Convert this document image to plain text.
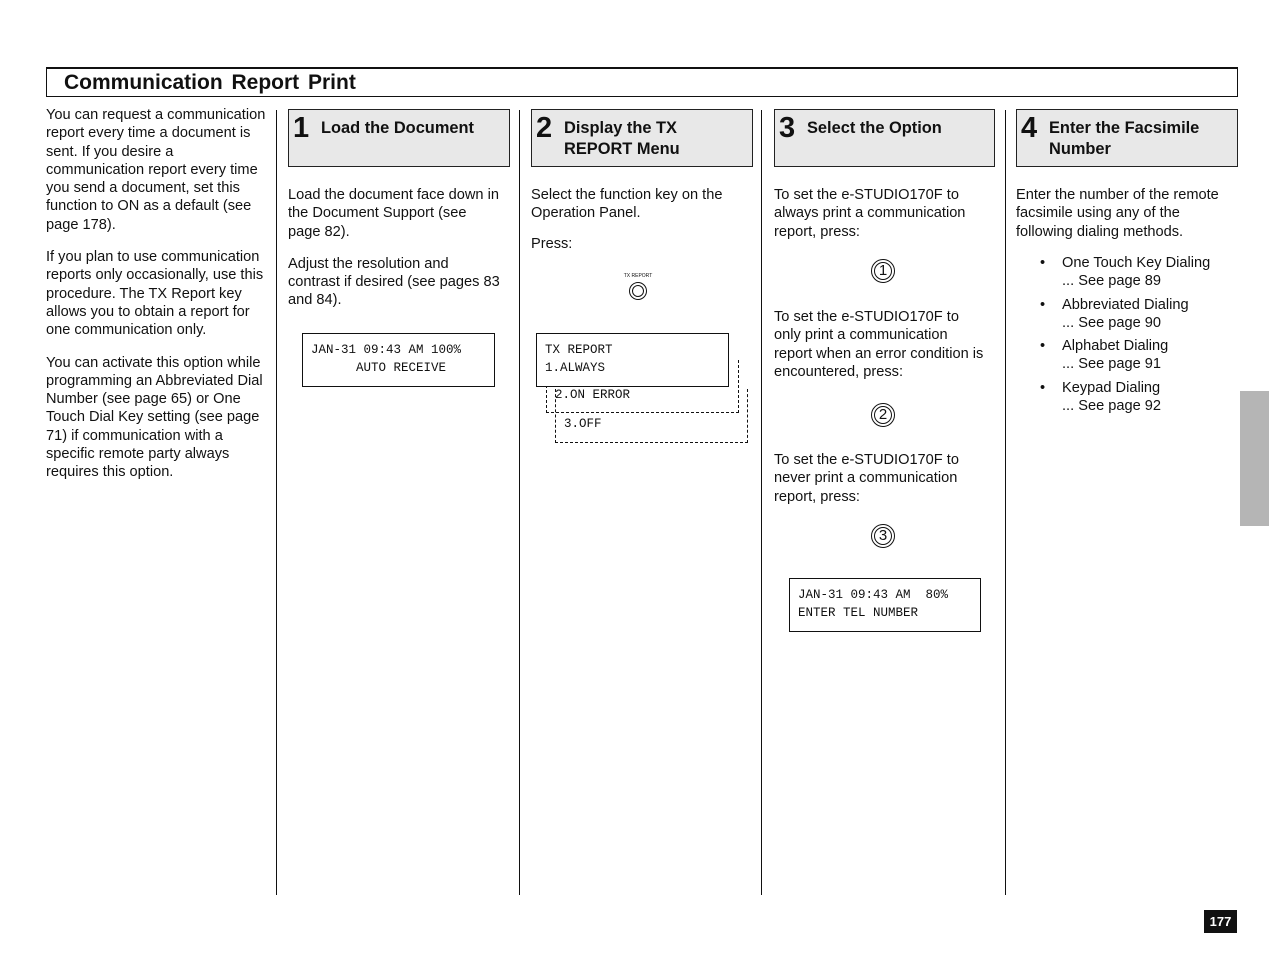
Communication Report Print

You can request a communication report every time a document is sent. If you desire a communication report every time you send a document, set this function to ON as a default (see page 178).

If you plan to use communication reports only occasionally, use this procedure. The TX Report key allows you to obtain a report for one communication only.

You can activate this option while programming an Abbreviated Dial Number (see page 65) or One Touch Dial Key setting (see page 71) if communication with a specific remote party always requires this option.

1 Load the Document	2 Display the TX REPORT Menu
3 Select the Option	4 Enter the Facsimile Number

Load the document face down in the Document Support (see page 82).

Adjust the resolution and contrast if desired (see pages 83 and 84).

JAN-31 09:43 AM 100%
AUTO RECEIVE

Select the function key on the Operation Panel.

Press:

TX REPORT

3.OFF

2.ON ERROR

TX REPORT
1.ALWAYS

To set the e-STUDIO170F to always print a communication report, press:

1

To set the e-STUDIO170F to only print a communication report when an error condition is encountered, press:

2

To set the e-STUDIO170F to never print a communication report, press:

3
JAN-31 09:43 AM  80%
ENTER TEL NUMBER

Enter the number of the remote facsimile using any of the following dialing methods.

• One Touch Key Dialing
... See page 89
• Abbreviated Dialing
... See page 90
• Alphabet Dialing
... See page 91
• Keypad Dialing
... See page 92
177
